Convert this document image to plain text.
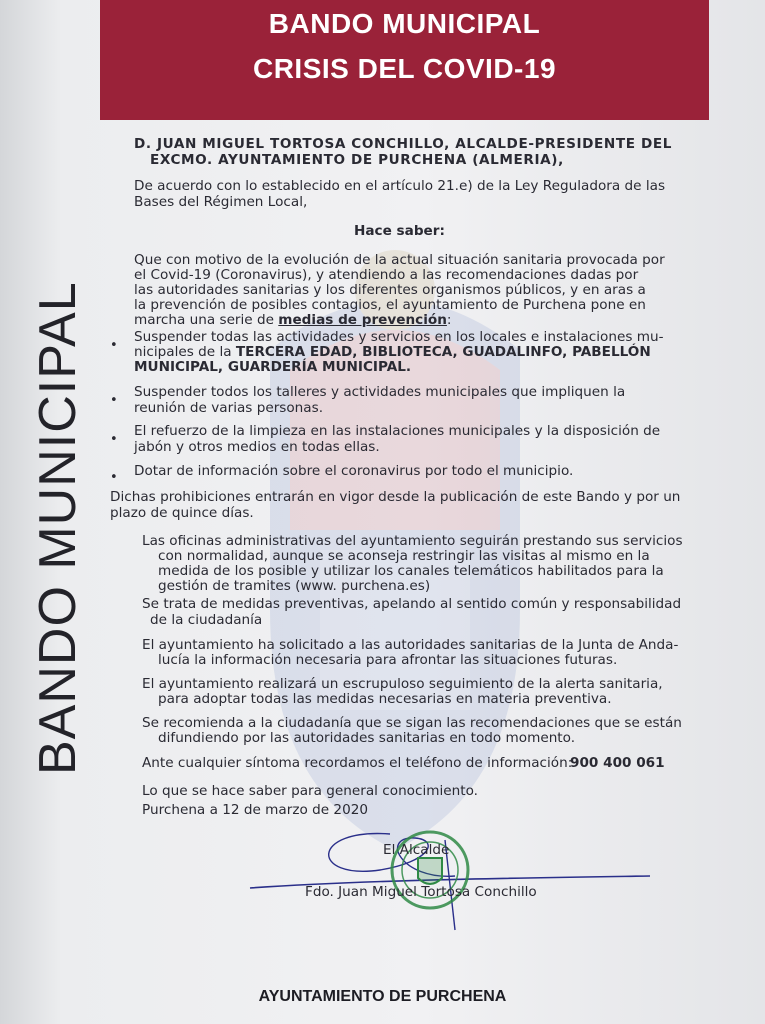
BANDO MUNICIPAL
CRISIS DEL COVID-19
BANDO MUNICIPAL
D. JUAN MIGUEL TORTOSA CONCHILLO, ALCALDE-PRESIDENTE DEL
EXCMO. AYUNTAMIENTO DE PURCHENA (ALMERIA),
De acuerdo con lo establecido en el artículo 21.e) de la Ley Reguladora de las
Bases del Régimen Local,
Hace saber:
Que con motivo de la evolución de la actual situación sanitaria provocada por
el Covid-19 (Coronavirus), y atendiendo a las recomendaciones dadas por
las autoridades sanitarias y los diferentes organismos públicos, y en aras a
la prevención de posibles contagios, el ayuntamiento de Purchena pone en
marcha una serie de medias de prevención:
•
Suspender todas las actividades y servicios en los locales e instalaciones mu-
nicipales de la TERCERA EDAD, BIBLIOTECA, GUADALINFO, PABELLÓN
MUNICIPAL, GUARDERÍA MUNICIPAL.
•
Suspender todos los talleres y actividades municipales que impliquen la
reunión de varias personas.
•
El refuerzo de la limpieza en las instalaciones municipales y la disposición de
jabón y otros medios en todas ellas.
• Dotar de información sobre el coronavirus por todo el municipio.
Dichas prohibiciones entrarán en vigor desde la publicación de este Bando y por un
plazo de quince días.
Las oficinas administrativas del ayuntamiento seguirán prestando sus servicios
con normalidad, aunque se aconseja restringir las visitas al mismo en la
medida de los posible y utilizar los canales telemáticos habilitados para la
gestión de tramites (www. purchena.es)
Se trata de medidas preventivas, apelando al sentido común y responsabilidad
de la ciudadanía
El ayuntamiento ha solicitado a las autoridades sanitarias de la Junta de Anda-
lucía la información necesaria para afrontar las situaciones futuras.
El ayuntamiento realizará un escrupuloso seguimiento de la alerta sanitaria,
para adoptar todas las medidas necesarias en materia preventiva.
Se recomienda a la ciudadanía que se sigan las recomendaciones que se están
difundiendo por las autoridades sanitarias en todo momento.
Ante cualquier síntoma recordamos el teléfono de información:
900 400 061
Lo que se hace saber para general conocimiento.
Purchena a 12 de marzo de 2020
El Alcalde
Fdo. Juan Miguel Tortosa Conchillo
AYUNTAMIENTO DE PURCHENA
